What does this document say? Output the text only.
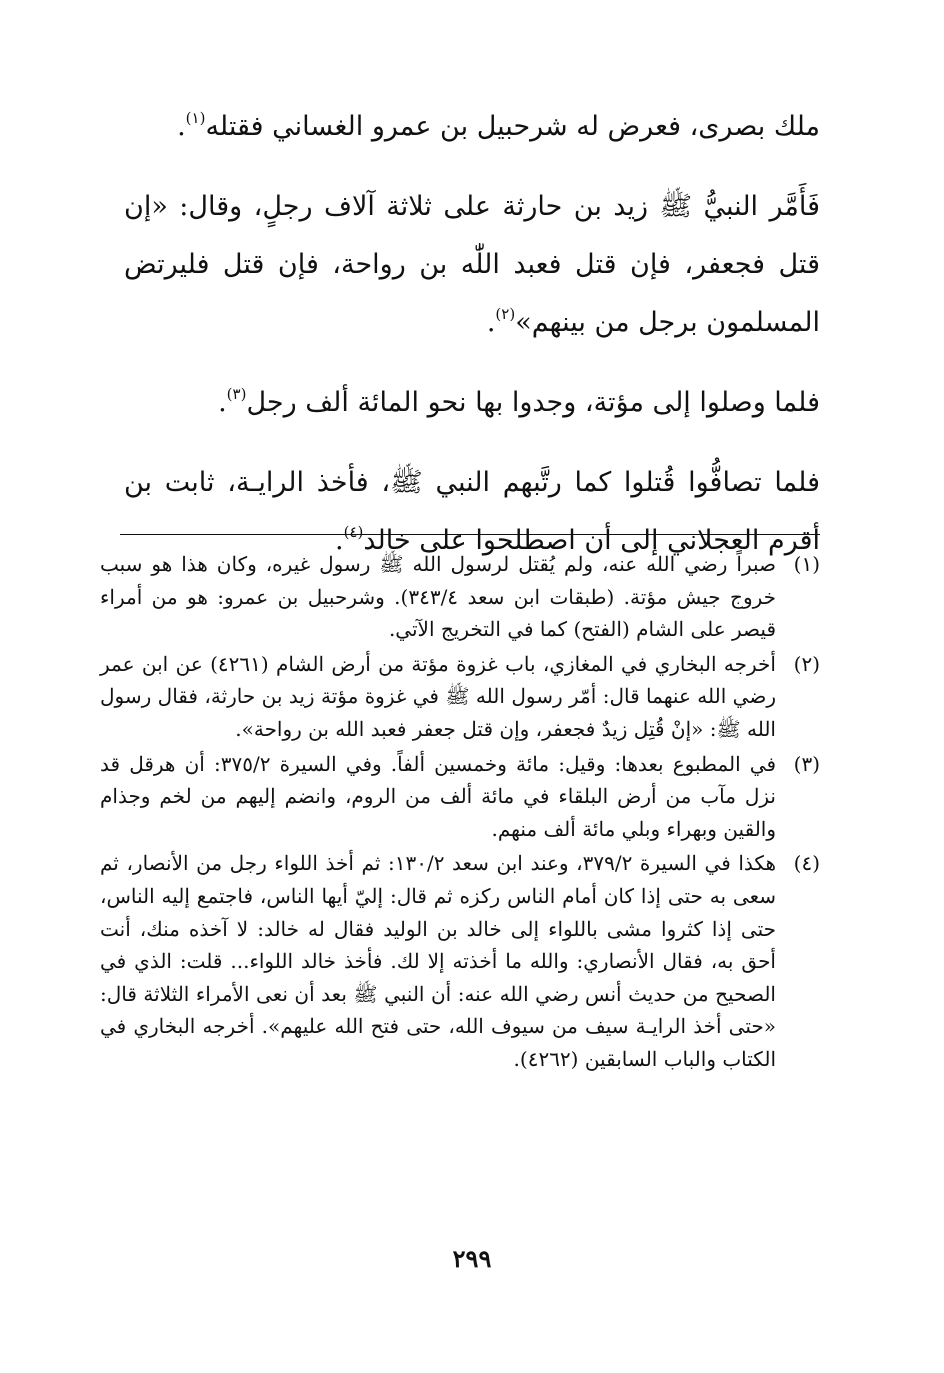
ملك بصرى، فعرض له شرحبيل بن عمرو الغساني فقتله$^{(١)}$.

فَأَمَّر النبيُّ ﷺ زيد بن حارثة على ثلاثة آلاف رجلٍ، وقال: «إن قتل فجعفر، فإن قتل فعبد اللّٰه بن رواحة، فإن قتل فليرتض المسلمون برجل من بينهم»$^{(٢)}$.

فلما وصلوا إلى مؤتة، وجدوا بها نحو المائة ألف رجل$^{(٣)}$.

فلما تصافُّوا قُتلوا كما رتَّبهم النبي ﷺ، فأخذ الرايـة، ثابت بن أقرم العجلاني إلى أن اصطلحوا على خالد$^{(٤)}$.

(١)
صبراً رضي الله عنه، ولم يُقتل لرسول الله ﷺ رسول غيره، وكان هذا هو سبب خروج جيش مؤتة. (طبقات ابن سعد ٣٤٣/٤). وشرحبيل بن عمرو: هو من أمراء قيصر على الشام (الفتح) كما في التخريج الآتي.
(٢)
أخرجه البخاري في المغازي، باب غزوة مؤتة من أرض الشام (٤٢٦١) عن ابن عمر رضي الله عنهما قال: أمّر رسول الله ﷺ في غزوة مؤتة زيد بن حارثة، فقال رسول الله ﷺ: «إنْ قُتِل زيدٌ فجعفر، وإن قتل جعفر فعبد الله بن رواحة».
(٣)
في المطبوع بعدها: وقيل: مائة وخمسين ألفاً. وفي السيرة ٣٧٥/٢: أن هرقل قد نزل مآب من أرض البلقاء في مائة ألف من الروم، وانضم إليهم من لخم وجذام والقين وبهراء وبلي مائة ألف منهم.
(٤)
هكذا في السيرة ٣٧٩/٢، وعند ابن سعد ١٣٠/٢: ثم أخذ اللواء رجل من الأنصار، ثم سعى به حتى إذا كان أمام الناس ركزه ثم قال: إليّ أيها الناس، فاجتمع إليه الناس، حتى إذا كثروا مشى باللواء إلى خالد بن الوليد فقال له خالد: لا آخذه منك، أنت أحق به، فقال الأنصاري: والله ما أخذته إلا لك. فأخذ خالد اللواء... قلت: الذي في الصحيح من حديث أنس رضي الله عنه: أن النبي ﷺ بعد أن نعى الأمراء الثلاثة قال: «حتى أخذ الرايـة سيف من سيوف الله، حتى فتح الله عليهم». أخرجه البخاري في الكتاب والباب السابقين (٤٢٦٢).
٢٩٩
